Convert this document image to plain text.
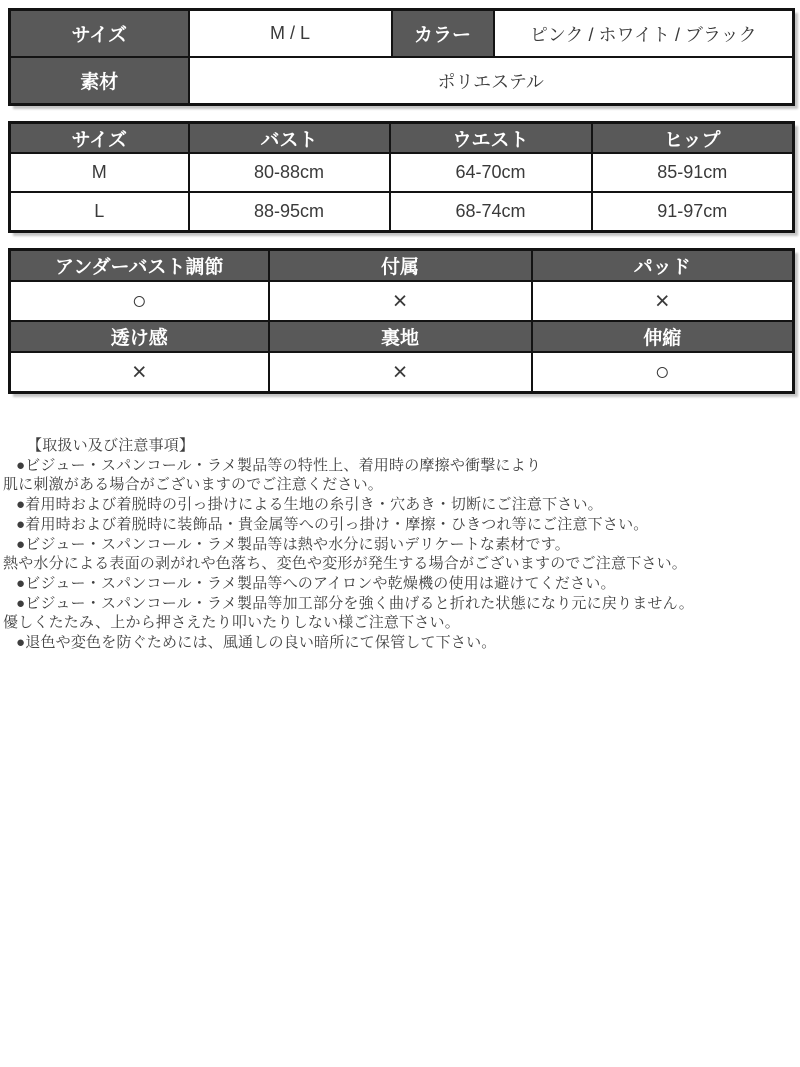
サイズ	M / L	カラー	ピンク / ホワイト / ブラック
素材	ポリエステル		
サイズ	バスト	ウエスト	ヒップ
M	80-88cm	64-70cm	85-91cm
L	88-95cm	68-74cm	91-97cm
アンダーバスト調節	付属	パッド
○	×	×
透け感	裏地	伸縮
×	×	○
【取扱い及び注意事項】
●ビジュー・スパンコール・ラメ製品等の特性上、着用時の摩擦や衝撃により
肌に刺激がある場合がございますのでご注意ください。
●着用時および着脱時の引っ掛けによる生地の糸引き・穴あき・切断にご注意下さい。
●着用時および着脱時に装飾品・貴金属等への引っ掛け・摩擦・ひきつれ等にご注意下さい。
●ビジュー・スパンコール・ラメ製品等は熱や水分に弱いデリケートな素材です。
熱や水分による表面の剥がれや色落ち、変色や変形が発生する場合がございますのでご注意下さい。
●ビジュー・スパンコール・ラメ製品等へのアイロンや乾燥機の使用は避けてください。
●ビジュー・スパンコール・ラメ製品等加工部分を強く曲げると折れた状態になり元に戻りません。
優しくたたみ、上から押さえたり叩いたりしない様ご注意下さい。
●退色や変色を防ぐためには、風通しの良い暗所にて保管して下さい。
